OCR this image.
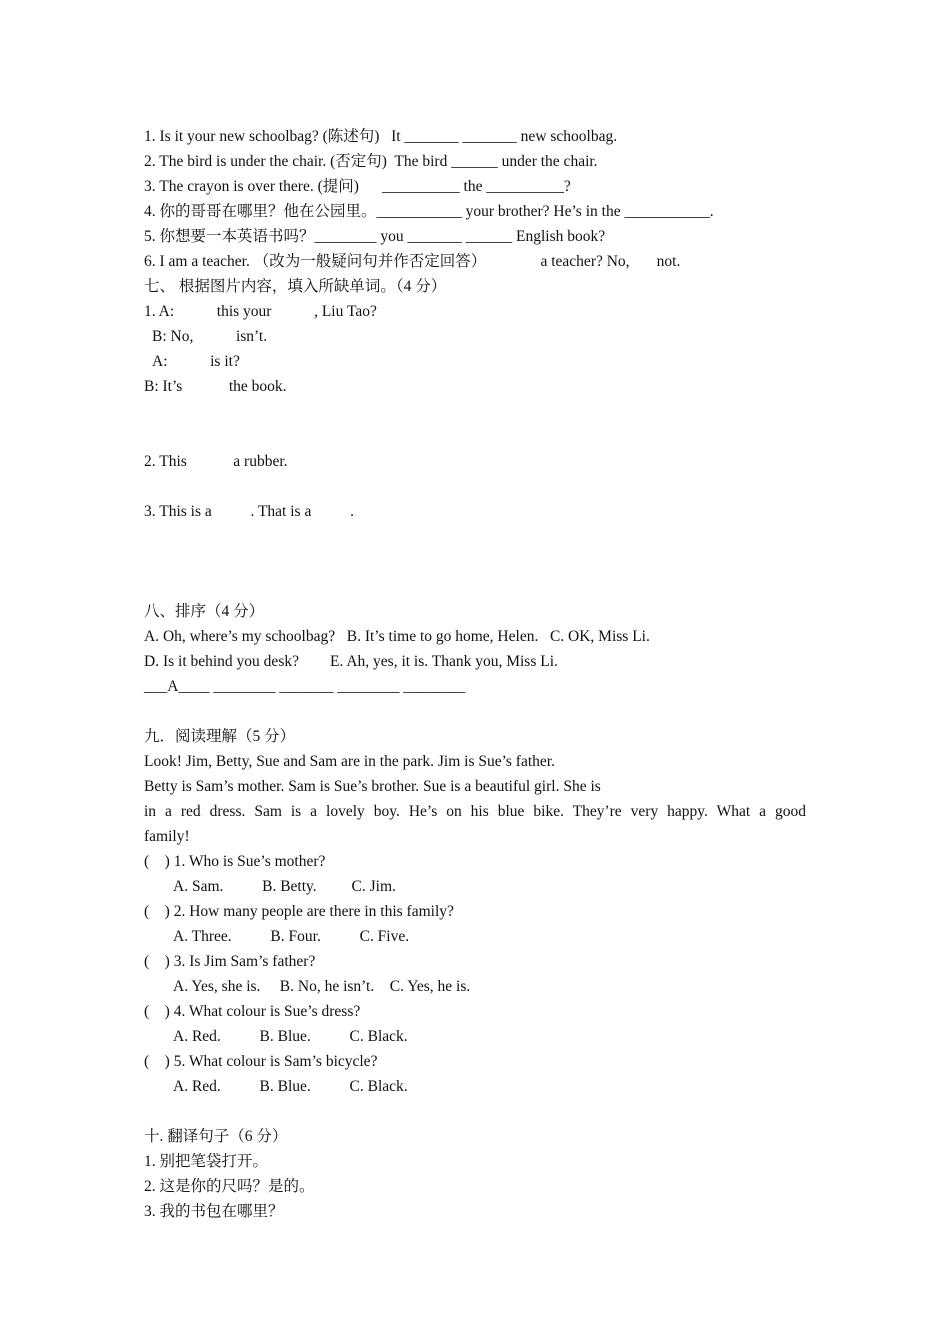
1. Is it your new schoolbag? (陈述句)   It _______ _______ new schoolbag.
2. The bird is under the chair. (否定句)  The bird ______ under the chair.
3. The crayon is over there. (提问)      __________ the __________?
4. 你的哥哥在哪里？他在公园里。___________ your brother? He’s in the ___________.
5. 你想要一本英语书吗？________ you _______ ______ English book?
6. I am a teacher. （改为一般疑问句并作否定回答）              a teacher? No,       not.
七、 根据图片内容，填入所缺单词。（4 分）
1. A:           this your           , Liu Tao?
B: No,           isn’t.
A:           is it?
B: It’s            the book.
2. This            a rubber.
3. This is a          . That is a          .
八、排序（4 分）
A. Oh, where’s my schoolbag?   B. It’s time to go home, Helen.   C. OK, Miss Li.
D. Is it behind you desk?        E. Ah, yes, it is. Thank you, Miss Li.
___A____ ________ _______ ________ ________
九．阅读理解（5 分）
Look! Jim, Betty, Sue and Sam are in the park. Jim is Sue’s father.
Betty is Sam’s mother. Sam is Sue’s brother. Sue is a beautiful girl. She is
in a red dress. Sam is a lovely boy. He’s on his blue bike. They’re very happy. What a good
family!
(    ) 1. Who is Sue’s mother?
A. Sam.          B. Betty.         C. Jim.
(    ) 2. How many people are there in this family?
A. Three.          B. Four.          C. Five.
(    ) 3. Is Jim Sam’s father?
A. Yes, she is.     B. No, he isn’t.    C. Yes, he is.
(    ) 4. What colour is Sue’s dress?
A. Red.          B. Blue.          C. Black.
(    ) 5. What colour is Sam’s bicycle?
A. Red.          B. Blue.          C. Black.
十. 翻译句子（6 分）
1. 别把笔袋打开。
2. 这是你的尺吗？是的。
3. 我的书包在哪里？
